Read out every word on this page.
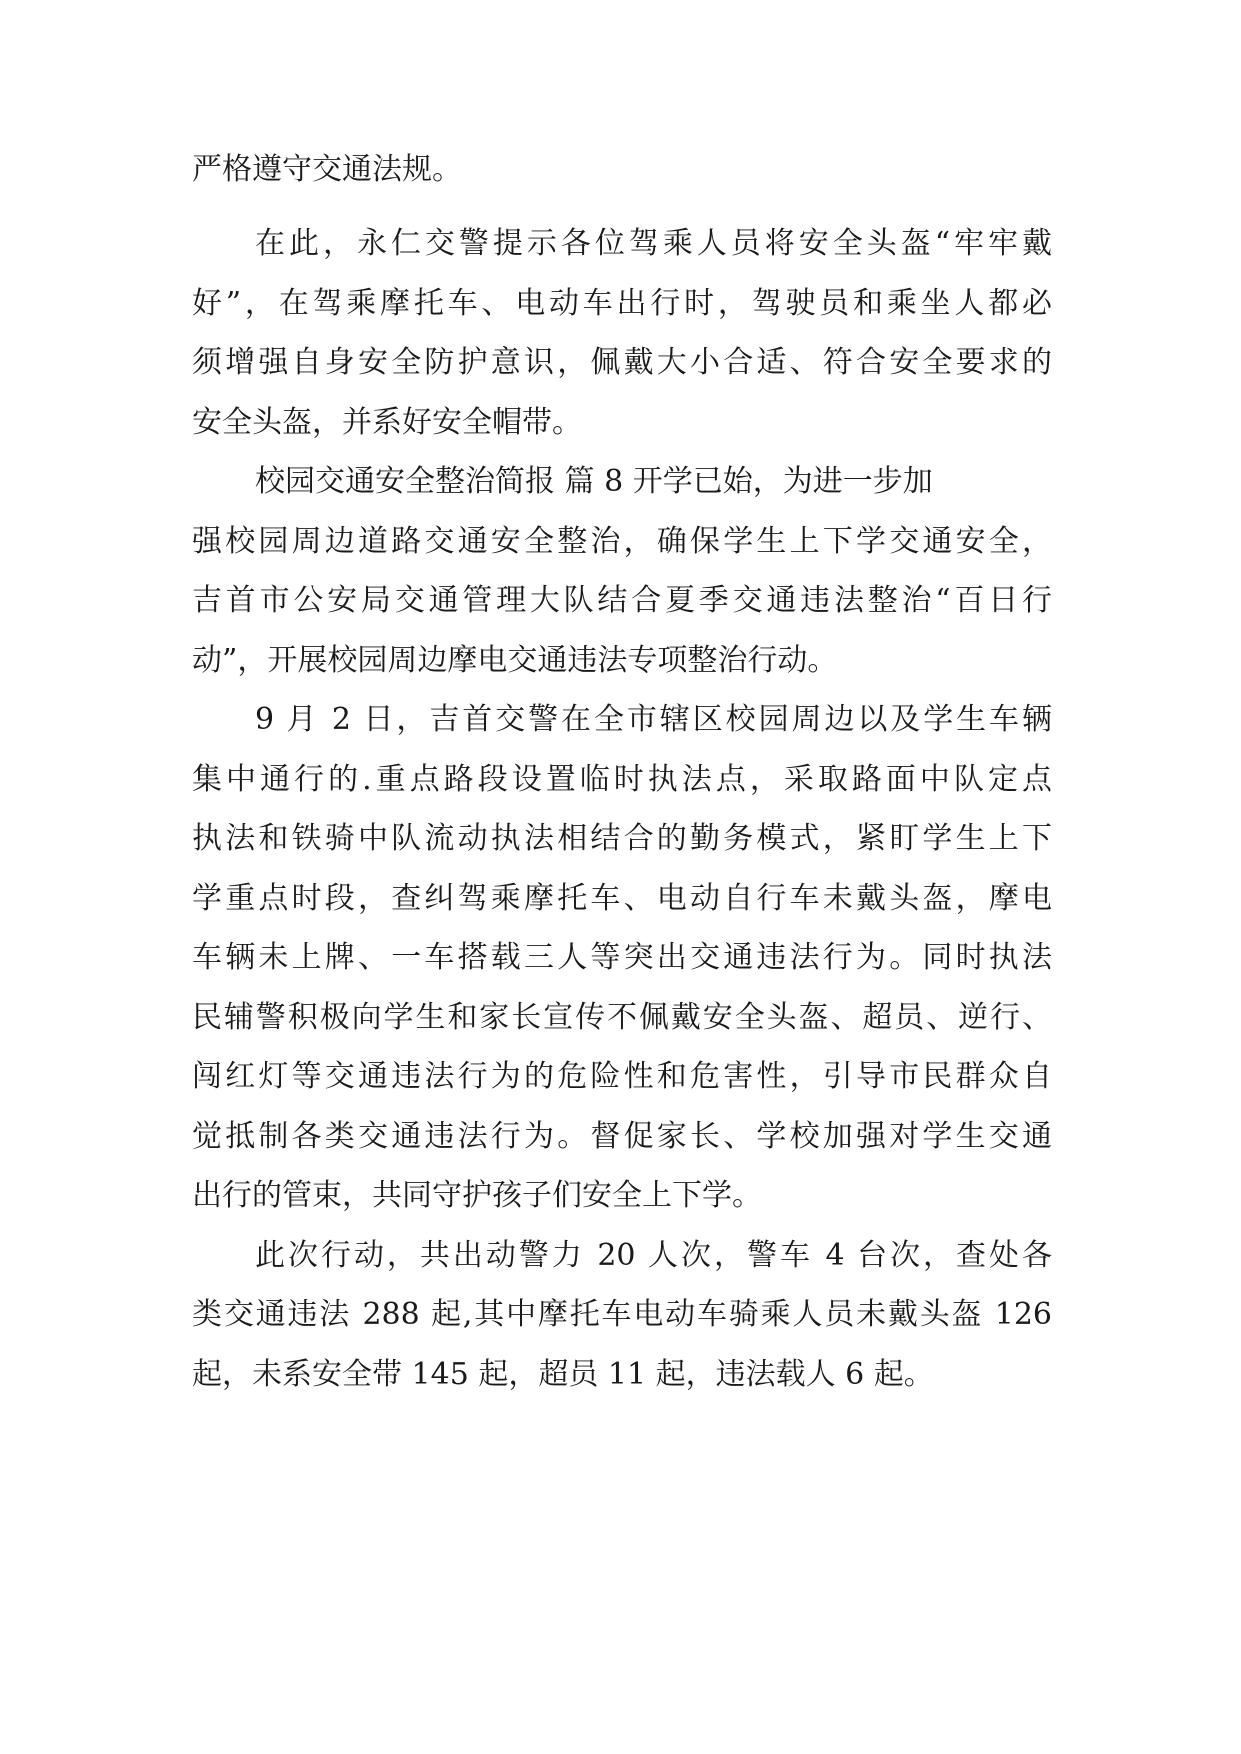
严格遵守交通法规。
在此，永仁交警提示各位驾乘人员将安全头盔“牢牢戴
好”，在驾乘摩托车、电动车出行时，驾驶员和乘坐人都必
须增强自身安全防护意识，佩戴大小合适、符合安全要求的
安全头盔，并系好安全帽带。
校园交通安全整治简报 篇 8 开学已始，为进一步加
强校园周边道路交通安全整治，确保学生上下学交通安全，
吉首市公安局交通管理大队结合夏季交通违法整治“百日行
动”，开展校园周边摩电交通违法专项整治行动。
9 月 2 日，吉首交警在全市辖区校园周边以及学生车辆
集中通行的.重点路段设置临时执法点，采取路面中队定点
执法和铁骑中队流动执法相结合的勤务模式，紧盯学生上下
学重点时段，查纠驾乘摩托车、电动自行车未戴头盔，摩电
车辆未上牌、一车搭载三人等突出交通违法行为。同时执法
民辅警积极向学生和家长宣传不佩戴安全头盔、超员、逆行、
闯红灯等交通违法行为的危险性和危害性，引导市民群众自
觉抵制各类交通违法行为。督促家长、学校加强对学生交通
出行的管束，共同守护孩子们安全上下学。
此次行动，共出动警力 20 人次，警车 4 台次，查处各
类交通违法 288 起,其中摩托车电动车骑乘人员未戴头盔 126
起，未系安全带 145 起，超员 11 起，违法载人 6 起。
